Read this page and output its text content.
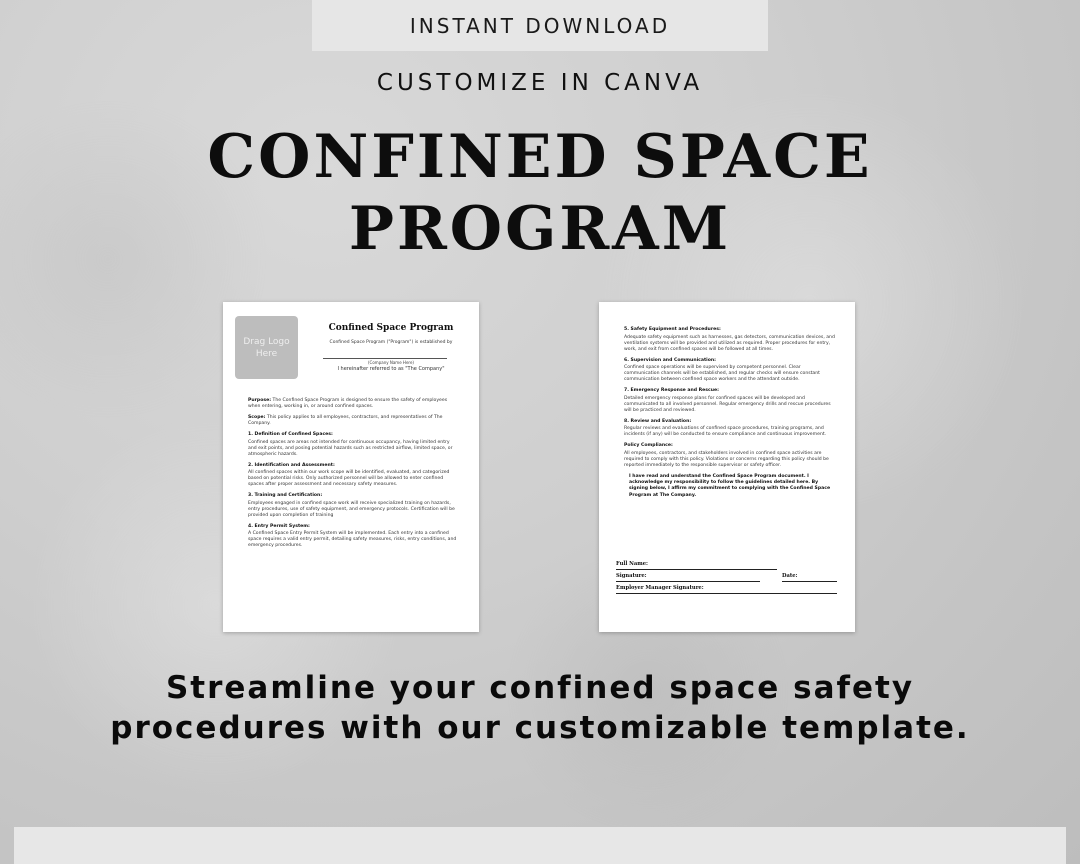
INSTANT DOWNLOAD
CUSTOMIZE IN CANVA
CONFINED SPACE
PROGRAM
Drag Logo Here
Confined Space Program
Confined Space Program ("Program") is established by
(Company Name Here)
I hereinafter referred to as "The Company"

Purpose: The Confined Space Program is designed to ensure the safety of employees when entering, working in, or around confined spaces.

Scope: This policy applies to all employees, contractors, and representatives of The Company.

1. Definition of Confined Spaces:

Confined spaces are areas not intended for continuous occupancy, having limited entry and exit points, and posing potential hazards such as restricted airflow, limited space, or atmospheric hazards.

2. Identification and Assessment:

All confined spaces within our work scope will be identified, evaluated, and categorized based on potential risks. Only authorized personnel will be allowed to enter confined spaces after proper assessment and necessary safety measures.

3. Training and Certification:

Employees engaged in confined space work will receive specialized training on hazards, entry procedures, use of safety equipment, and emergency protocols. Certification will be provided upon completion of training

4. Entry Permit System:

A Confined Space Entry Permit System will be implemented. Each entry into a confined space requires a valid entry permit, detailing safety measures, risks, entry conditions, and emergency procedures.

5. Safety Equipment and Procedures:

Adequate safety equipment such as harnesses, gas detectors, communication devices, and ventilation systems will be provided and utilized as required. Proper procedures for entry, work, and exit from confined spaces will be followed at all times.

6. Supervision and Communication:

Confined space operations will be supervised by competent personnel. Clear communication channels will be established, and regular checks will ensure constant communication between confined space workers and the attendant outside.

7. Emergency Response and Rescue:

Detailed emergency response plans for confined spaces will be developed and communicated to all involved personnel. Regular emergency drills and rescue procedures will be practiced and reviewed.

8. Review and Evaluation:

Regular reviews and evaluations of confined space procedures, training programs, and incidents (if any) will be conducted to ensure compliance and continuous improvement.

Policy Compliance:

All employees, contractors, and stakeholders involved in confined space activities are required to comply with this policy. Violations or concerns regarding this policy should be reported immediately to the responsible supervisor or safety officer.

I have read and understand the Confined Space Program document. I acknowledge my responsibility to follow the guidelines detailed here. By signing below, I affirm my commitment to complying with the Confined Space Program at The Company.
Full Name:
Signature:	Date:
Employer Manager Signature:
Streamline your confined space safety
procedures with our customizable template.
